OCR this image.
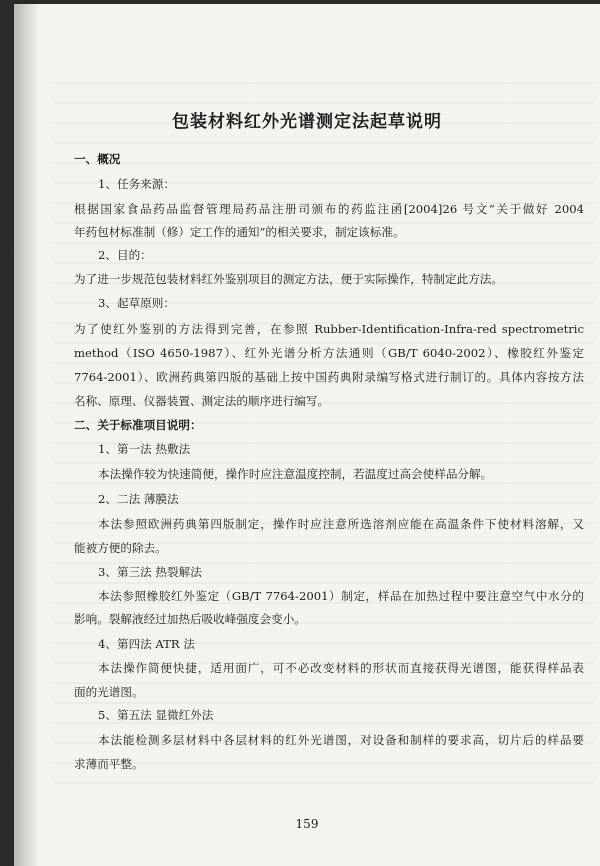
包装材料红外光谱测定法起草说明
一、概况
1、任务来源：
根据国家食品药品监督管理局药品注册司颁布的药监注函[2004]26 号文“关于做好 2004
年药包材标准制（修）定工作的通知”的相关要求，制定该标准。
2、目的：
为了进一步规范包装材料红外鉴别项目的测定方法，便于实际操作，特制定此方法。
3、起草原则：
为了使红外鉴别的方法得到完善，在参照 Rubber-Identification-Infra-red spectrometric
method（ISO 4650-1987）、红外光谱分析方法通则（GB/T 6040-2002）、橡胶红外鉴定
7764-2001）、欧洲药典第四版的基础上按中国药典附录编写格式进行制订的。具体内容按方法
名称、原理、仪器装置、测定法的顺序进行编写。
二、关于标准项目说明：
1、第一法 热敷法
本法操作较为快速简便，操作时应注意温度控制，若温度过高会使样品分解。
2、二法 薄膜法
本法参照欧洲药典第四版制定，操作时应注意所选溶剂应能在高温条件下使材料溶解，又
能被方便的除去。
3、第三法 热裂解法
本法参照橡胶红外鉴定（GB/T 7764-2001）制定，样品在加热过程中要注意空气中水分的
影响。裂解液经过加热后吸收峰强度会变小。
4、第四法 ATR 法
本法操作简便快捷，适用面广，可不必改变材料的形状而直接获得光谱图，能获得样品表
面的光谱图。
5、第五法 显微红外法
本法能检测多层材料中各层材料的红外光谱图，对设备和制样的要求高，切片后的样品要
求薄而平整。
159
